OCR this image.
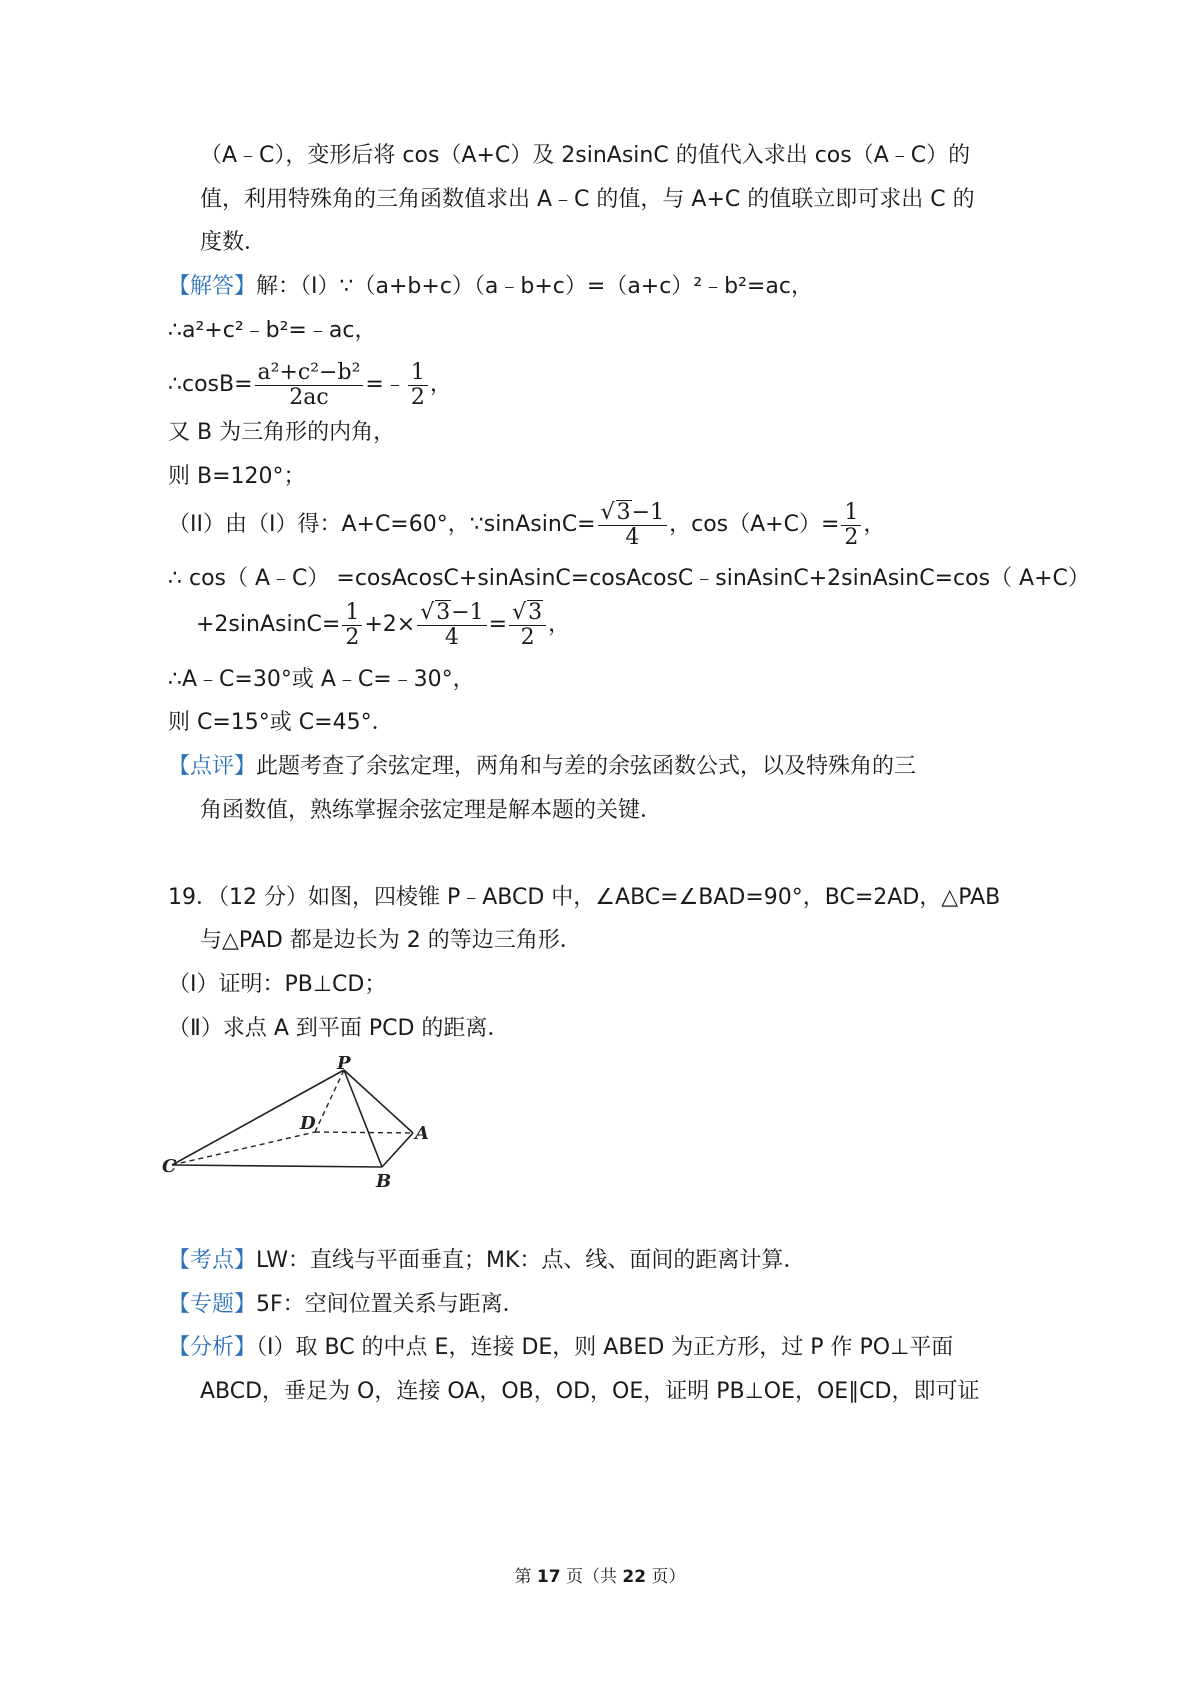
（A﹣C），变形后将 cos（A+C）及 2sinAsinC 的值代入求出 cos（A﹣C）的
值，利用特殊角的三角函数值求出 A﹣C 的值，与 A+C 的值联立即可求出 C 的
度数．
【解答】解：（I）∵（a+b+c）（a﹣b+c）=（a+c）²﹣b²=ac，
∴a²+c²﹣b²=﹣ac，
∴cosB= $\frac{\text{a²+c²−b²}}{2ac}$ =﹣ $\frac{1}{2}$ ，
又 B 为三角形的内角，
则 B=120°；
（II）由（I）得：A+C=60°，∵sinAsinC= $\frac{√3-1}{4}$ ，$\cos(A+C)= \frac{1}{2}$ ，
∴ cos（ A﹣C） =cosAcosC+sinAsinC=cosAcosC﹣sinAsinC+2sinAsinC=cos（ A+C）
+2sinAsinC= $\frac{1}{2} +2\times \frac{√3-1}{4} = \frac{√3}{2}$ ，
∴A﹣C=30°或 A﹣C=﹣30°，
则 C=15°或 C=45°．
【点评】此题考查了余弦定理，两角和与差的余弦函数公式，以及特殊角的三
角函数值，熟练掌握余弦定理是解本题的关键．
19．（12 分）如图，四棱锥 P﹣ABCD 中，∠ABC=∠BAD=90°，BC=2AD，△PAB
与△PAD 都是边长为 2 的等边三角形．
（Ⅰ）证明：PB⊥CD；
（Ⅱ）求点 A 到平面 PCD 的距离．
P
D	A
C
B
【考点】LW：直线与平面垂直；MK：点、线、面间的距离计算．
【专题】5F：空间位置关系与距离．
【分析】（I）取 BC 的中点 E，连接 DE，则 ABED 为正方形，过 P 作 PO⊥平面
ABCD，垂足为 O，连接 OA，OB，OD，OE，证明 PB⊥OE，OE∥CD，即可证
第 17 页（共 22 页）
